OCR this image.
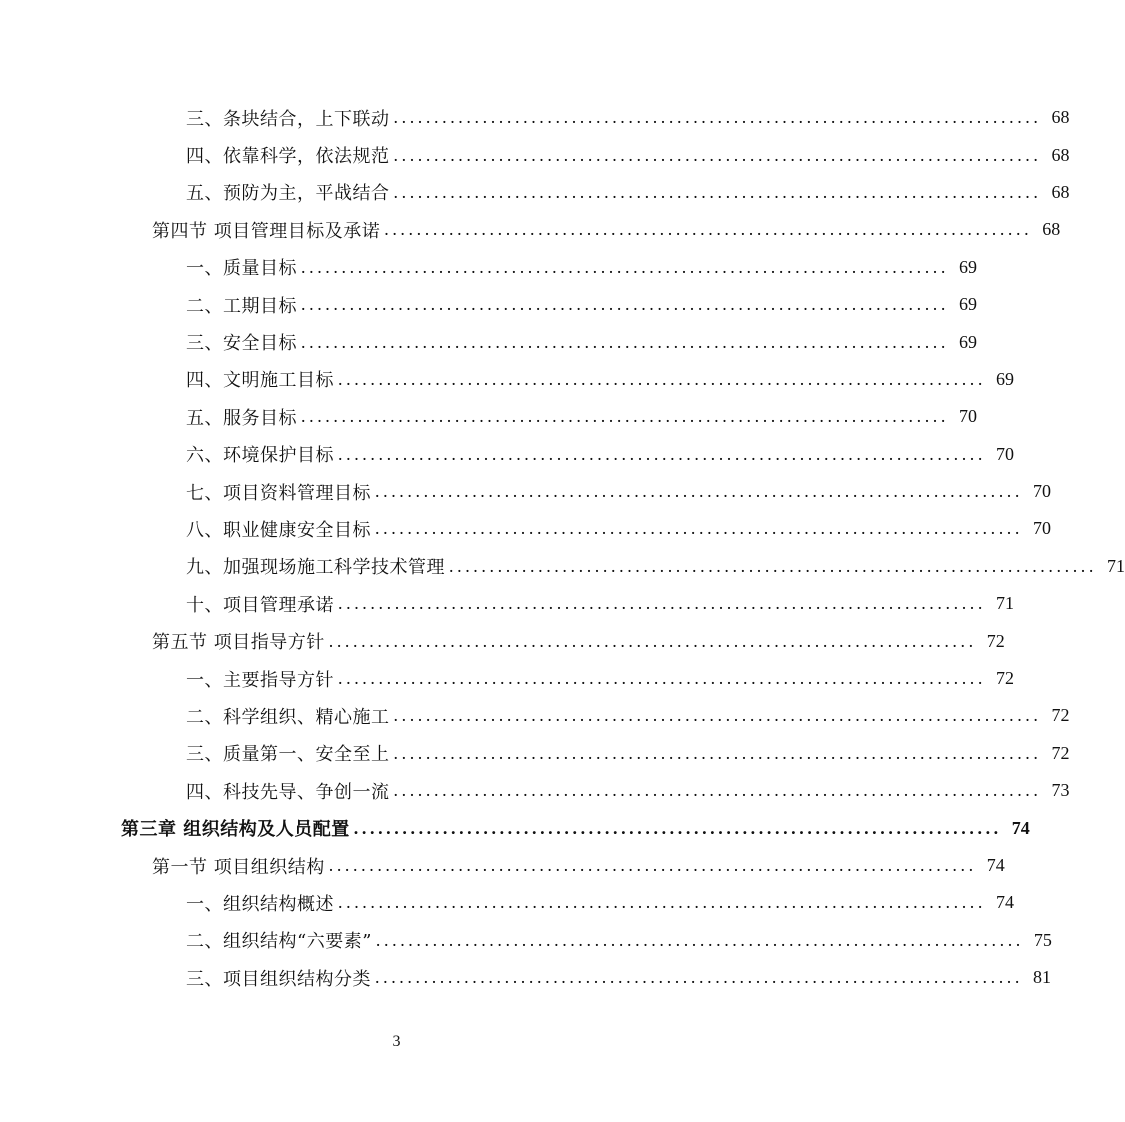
三、条块结合，上下联动 ................................................................................ 68
四、依靠科学，依法规范 ................................................................................ 68
五、预防为主，平战结合 ................................................................................ 68
第四节 项目管理目标及承诺 ................................................................................ 68
一、质量目标 ................................................................................ 69
二、工期目标 ................................................................................ 69
三、安全目标 ................................................................................ 69
四、文明施工目标 ................................................................................ 69
五、服务目标 ................................................................................ 70
六、环境保护目标 ................................................................................ 70
七、项目资料管理目标 ................................................................................ 70
八、职业健康安全目标 ................................................................................ 70
九、加强现场施工科学技术管理 ................................................................................ 71
十、项目管理承诺 ................................................................................ 71
第五节 项目指导方针 ................................................................................ 72
一、主要指导方针 ................................................................................ 72
二、科学组织、精心施工 ................................................................................ 72
三、质量第一、安全至上 ................................................................................ 72
四、科技先导、争创一流 ................................................................................ 73
第三章 组织结构及人员配置 ................................................................................ 74
第一节 项目组织结构 ................................................................................ 74
一、组织结构概述 ................................................................................ 74
二、组织结构“六要素” ................................................................................ 75
三、项目组织结构分类 ................................................................................ 81
3
